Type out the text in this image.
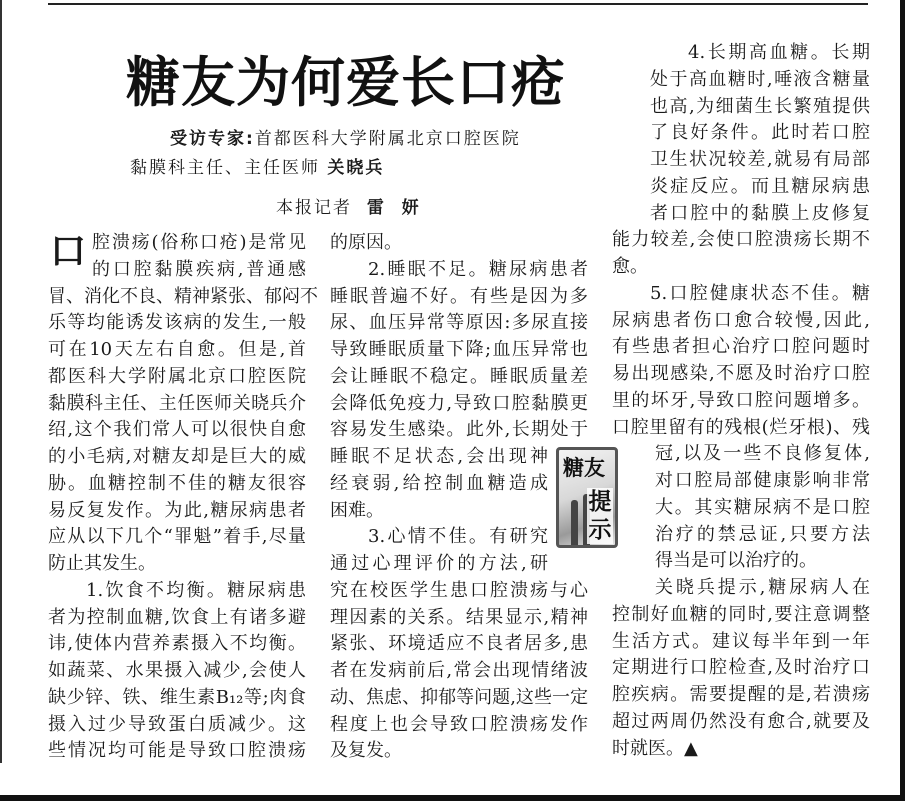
糖友为何爱长口疮
受访专家:首都医科大学附属北京口腔医院
黏膜科主任、主任医师 关晓兵
本报记者 雷  妍
口 腔溃疡(俗称口疮)是常见
的口腔黏膜疾病,普通感
冒、消化不良、精神紧张、郁闷不
乐等均能诱发该病的发生,一般
可在10天左右自愈。但是,首
都医科大学附属北京口腔医院
黏膜科主任、主任医师关晓兵介
绍,这个我们常人可以很快自愈
的小毛病,对糖友却是巨大的威
胁。血糖控制不佳的糖友很容
易反复发作。为此,糖尿病患者
应从以下几个“罪魁”着手,尽量
防止其发生。
1.饮食不均衡。糖尿病患
者为控制血糖,饮食上有诸多避
讳,使体内营养素摄入不均衡。
如蔬菜、水果摄入减少,会使人
缺少锌、铁、维生素B₁₂等;肉食
摄入过少导致蛋白质减少。这
些情况均可能是导致口腔溃疡
的原因。
2.睡眠不足。糖尿病患者
睡眠普遍不好。有些是因为多
尿、血压异常等原因:多尿直接
导致睡眠质量下降;血压异常也
会让睡眠不稳定。睡眠质量差
会降低免疫力,导致口腔黏膜更
容易发生感染。此外,长期处于
睡眠不足状态,会出现神
经衰弱,给控制血糖造成
困难。
3.心情不佳。有研究
通过心理评价的方法,研
究在校医学生患口腔溃疡与心
理因素的关系。结果显示,精神
紧张、环境适应不良者居多,患
者在发病前后,常会出现情绪波
动、焦虑、抑郁等问题,这些一定
程度上也会导致口腔溃疡发作
及复发。
4.长期高血糖。长期
处于高血糖时,唾液含糖量
也高,为细菌生长繁殖提供
了良好条件。此时若口腔
卫生状况较差,就易有局部
炎症反应。而且糖尿病患
者口腔中的黏膜上皮修复
能力较差,会使口腔溃疡长期不
愈。
5.口腔健康状态不佳。糖
尿病患者伤口愈合较慢,因此,
有些患者担心治疗口腔问题时
易出现感染,不愿及时治疗口腔
里的坏牙,导致口腔问题增多。
口腔里留有的残根(烂牙根)、残
冠,以及一些不良修复体,
对口腔局部健康影响非常
大。其实糖尿病不是口腔
治疗的禁忌证,只要方法
得当是可以治疗的。
关晓兵提示,糖尿病人在
控制好血糖的同时,要注意调整
生活方式。建议每半年到一年
定期进行口腔检查,及时治疗口
腔疾病。需要提醒的是,若溃疡
超过两周仍然没有愈合,就要及
时就医。▲
糖友
提示
